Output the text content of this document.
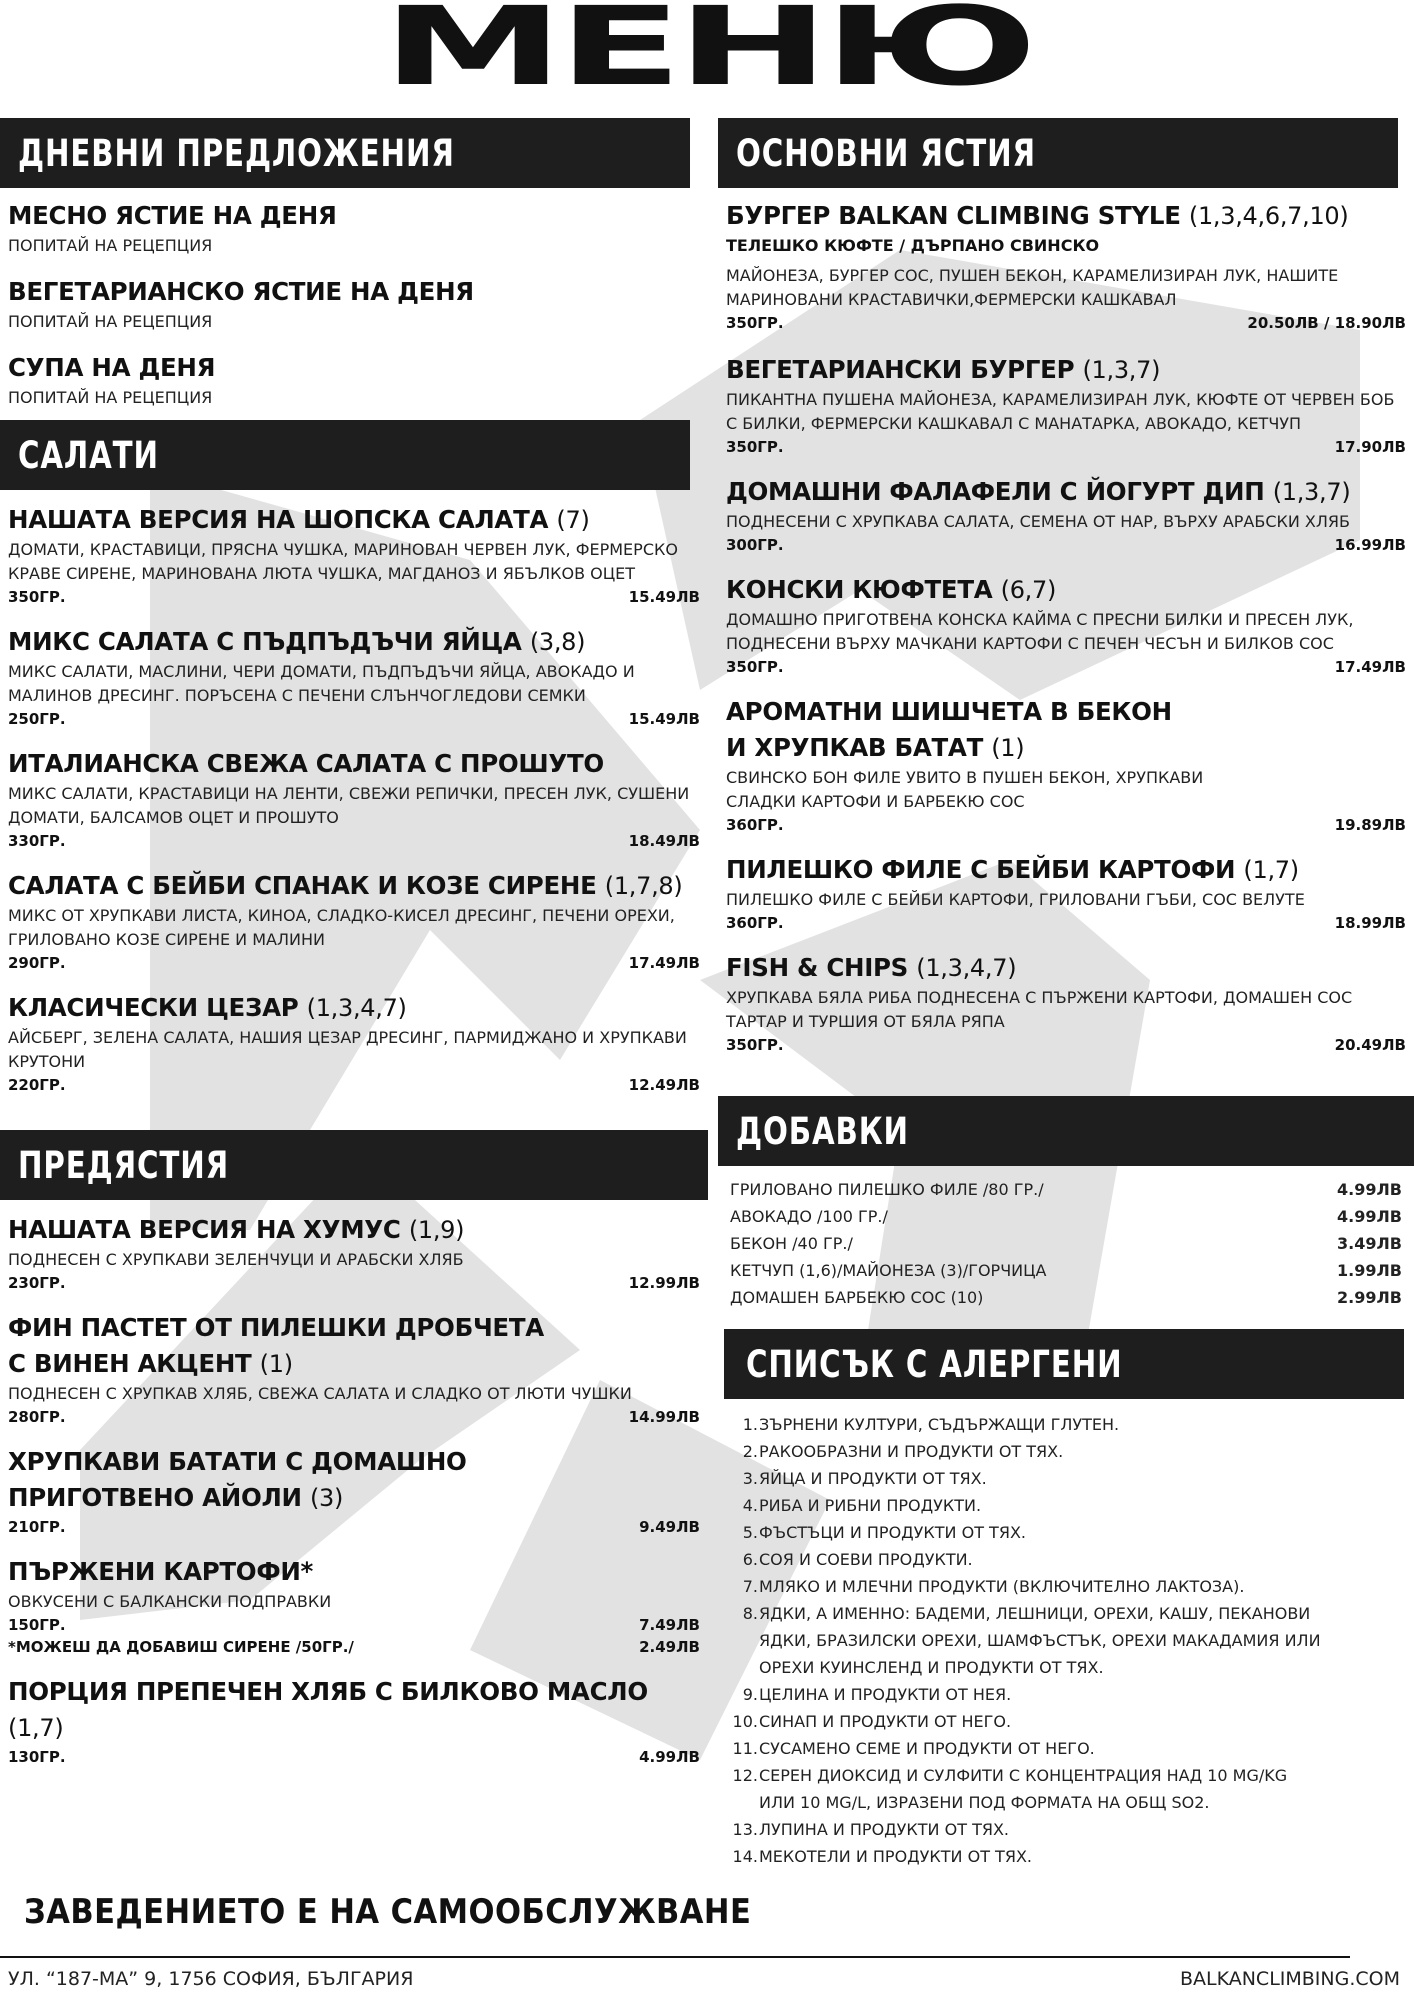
МЕНЮ
ДНЕВНИ ПРЕДЛОЖЕНИЯ
МЕСНО ЯСТИЕ НА ДЕНЯ
ПОПИТАЙ НА РЕЦЕПЦИЯ
ВЕГЕТАРИАНСКО ЯСТИЕ НА ДЕНЯ
ПОПИТАЙ НА РЕЦЕПЦИЯ
СУПА НА ДЕНЯ
ПОПИТАЙ НА РЕЦЕПЦИЯ
САЛАТИ
НАШАТА ВЕРСИЯ НА ШОПСКА САЛАТА (7)
ДОМАТИ, КРАСТАВИЦИ, ПРЯСНА ЧУШКА, МАРИНОВАН ЧЕРВЕН ЛУК, ФЕРМЕРСКО КРАВЕ СИРЕНЕ, МАРИНОВАНА ЛЮТА ЧУШКА, МАГДАНОЗ И ЯБЪЛКОВ ОЦЕТ
350ГР.	15.49ЛВ
МИКС САЛАТА С ПЪДПЪДЪЧИ ЯЙЦА (3,8)
МИКС САЛАТИ, МАСЛИНИ, ЧЕРИ ДОМАТИ, ПЪДПЪДЪЧИ ЯЙЦА, АВОКАДО И МАЛИНОВ ДРЕСИНГ. ПОРЪСЕНА С ПЕЧЕНИ СЛЪНЧОГЛЕДОВИ СЕМКИ
250ГР.	15.49ЛВ
ИТАЛИАНСКА СВЕЖА САЛАТА С ПРОШУТО
МИКС САЛАТИ, КРАСТАВИЦИ НА ЛЕНТИ, СВЕЖИ РЕПИЧКИ, ПРЕСЕН ЛУК, СУШЕНИ ДОМАТИ, БАЛСАМОВ ОЦЕТ И ПРОШУТО
330ГР.	18.49ЛВ
САЛАТА С БЕЙБИ СПАНАК И КОЗЕ СИРЕНЕ (1,7,8)
МИКС ОТ ХРУПКАВИ ЛИСТА, КИНОА, СЛАДКО-КИСЕЛ ДРЕСИНГ, ПЕЧЕНИ ОРЕХИ, ГРИЛОВАНО КОЗЕ СИРЕНЕ И МАЛИНИ
290ГР.	17.49ЛВ
КЛАСИЧЕСКИ ЦЕЗАР (1,3,4,7)
АЙСБЕРГ, ЗЕЛЕНА САЛАТА, НАШИЯ ЦЕЗАР ДРЕСИНГ, ПАРМИДЖАНО И ХРУПКАВИ КРУТОНИ
220ГР.	12.49ЛВ
ПРЕДЯСТИЯ
НАШАТА ВЕРСИЯ НА ХУМУС (1,9)
ПОДНЕСЕН С ХРУПКАВИ ЗЕЛЕНЧУЦИ И АРАБСКИ ХЛЯБ
230ГР.	12.99ЛВ
ФИН ПАСТЕТ ОТ ПИЛЕШКИ ДРОБЧЕТА
С ВИНЕН АКЦЕНТ (1)
ПОДНЕСЕН С ХРУПКАВ ХЛЯБ, СВЕЖА САЛАТА И СЛАДКО ОТ ЛЮТИ ЧУШКИ
280ГР.	14.99ЛВ
ХРУПКАВИ БАТАТИ С ДОМАШНО
ПРИГОТВЕНО АЙОЛИ (3)
210ГР.	9.49ЛВ
ПЪРЖЕНИ КАРТОФИ*
ОВКУСЕНИ С БАЛКАНСКИ ПОДПРАВКИ
150ГР.	7.49ЛВ
*МОЖЕШ ДА ДОБАВИШ СИРЕНЕ /50ГР./	2.49ЛВ
ПОРЦИЯ ПРЕПЕЧЕН ХЛЯБ С БИЛКОВО МАСЛО (1,7)
130ГР.	4.99ЛВ
ОСНОВНИ ЯСТИЯ
БУРГЕР BALKAN CLIMBING STYLE (1,3,4,6,7,10)
ТЕЛЕШКО КЮФТЕ / ДЪРПАНО СВИНСКО
МАЙОНЕЗА, БУРГЕР СОС, ПУШЕН БЕКОН, КАРАМЕЛИЗИРАН ЛУК, НАШИТЕ МАРИНОВАНИ КРАСТАВИЧКИ,ФЕРМЕРСКИ КАШКАВАЛ
350ГР.	20.50ЛВ / 18.90ЛВ
ВЕГЕТАРИАНСКИ БУРГЕР (1,3,7)
ПИКАНТНА ПУШЕНА МАЙОНЕЗА, КАРАМЕЛИЗИРАН ЛУК, КЮФТЕ ОТ ЧЕРВЕН БОБ С БИЛКИ, ФЕРМЕРСКИ КАШКАВАЛ С МАНАТАРКА, АВОКАДО, КЕТЧУП
350ГР.	17.90ЛВ
ДОМАШНИ ФАЛАФЕЛИ С ЙОГУРТ ДИП (1,3,7)
ПОДНЕСЕНИ С ХРУПКАВА САЛАТА, СЕМЕНА ОТ НАР, ВЪРХУ АРАБСКИ ХЛЯБ
300ГР.	16.99ЛВ
КОНСКИ КЮФТЕТА (6,7)
ДОМАШНО ПРИГОТВЕНА КОНСКА КАЙМА С ПРЕСНИ БИЛКИ И ПРЕСЕН ЛУК, ПОДНЕСЕНИ ВЪРХУ МАЧКАНИ КАРТОФИ С ПЕЧЕН ЧЕСЪН И БИЛКОВ СОС
350ГР.	17.49ЛВ
АРОМАТНИ ШИШЧЕТА В БЕКОН
И ХРУПКАВ БАТАТ (1)
СВИНСКО БОН ФИЛЕ УВИТО В ПУШЕН БЕКОН, ХРУПКАВИ СЛАДКИ КАРТОФИ И БАРБЕКЮ СОС
360ГР.	19.89ЛВ
ПИЛЕШКО ФИЛЕ С БЕЙБИ КАРТОФИ (1,7)
ПИЛЕШКО ФИЛЕ С БЕЙБИ КАРТОФИ, ГРИЛОВАНИ ГЪБИ, СОС ВЕЛУТЕ
360ГР.	18.99ЛВ
FISH & CHIPS (1,3,4,7)
ХРУПКАВА БЯЛА РИБА ПОДНЕСЕНА С ПЪРЖЕНИ КАРТОФИ, ДОМАШЕН СОС ТАРТАР И ТУРШИЯ ОТ БЯЛА РЯПА
350ГР.	20.49ЛВ
ДОБАВКИ
ГРИЛОВАНО ПИЛЕШКО ФИЛЕ /80 ГР./	4.99ЛВ
АВОКАДО /100 ГР./	4.99ЛВ
БЕКОН /40 ГР./	3.49ЛВ
КЕТЧУП (1,6)/МАЙОНЕЗА (3)/ГОРЧИЦА	1.99ЛВ
ДОМАШЕН БАРБЕКЮ СОС (10)	2.99ЛВ
СПИСЪК С АЛЕРГЕНИ
1. ЗЪРНЕНИ КУЛТУРИ, СЪДЪРЖАЩИ ГЛУТЕН.
2. РАКООБРАЗНИ И ПРОДУКТИ ОТ ТЯХ.
3. ЯЙЦА И ПРОДУКТИ ОТ ТЯХ.
4. РИБА И РИБНИ ПРОДУКТИ.
5. ФЪСТЪЦИ И ПРОДУКТИ ОТ ТЯХ.
6. СОЯ И СОЕВИ ПРОДУКТИ.
7. МЛЯКО И МЛЕЧНИ ПРОДУКТИ (ВКЛЮЧИТЕЛНО ЛАКТОЗА).
8. ЯДКИ, А ИМЕННО: БАДЕМИ, ЛЕШНИЦИ, ОРЕХИ, КАШУ, ПЕКАНОВИ ЯДКИ, БРАЗИЛСКИ ОРЕХИ, ШАМФЪСТЪК, ОРЕХИ МАКАДАМИЯ ИЛИ ОРЕХИ КУИНСЛЕНД И ПРОДУКТИ ОТ ТЯХ.
9. ЦЕЛИНА И ПРОДУКТИ ОТ НЕЯ.
10. СИНАП И ПРОДУКТИ ОТ НЕГО.
11. СУСАМЕНО СЕМЕ И ПРОДУКТИ ОТ НЕГО.
12. СЕРЕН ДИОКСИД И СУЛФИТИ С КОНЦЕНТРАЦИЯ НАД 10 MG/KG ИЛИ 10 MG/L, ИЗРАЗЕНИ ПОД ФОРМАТА НА ОБЩ SO2.
13. ЛУПИНА И ПРОДУКТИ ОТ ТЯХ.
14. МЕКОТЕЛИ И ПРОДУКТИ ОТ ТЯХ.
ЗАВЕДЕНИЕТО Е НА САМООБСЛУЖВАНЕ
УЛ. “187-МА” 9, 1756 СОФИЯ, БЪЛГАРИЯ	BALKANCLIMBING.COM
